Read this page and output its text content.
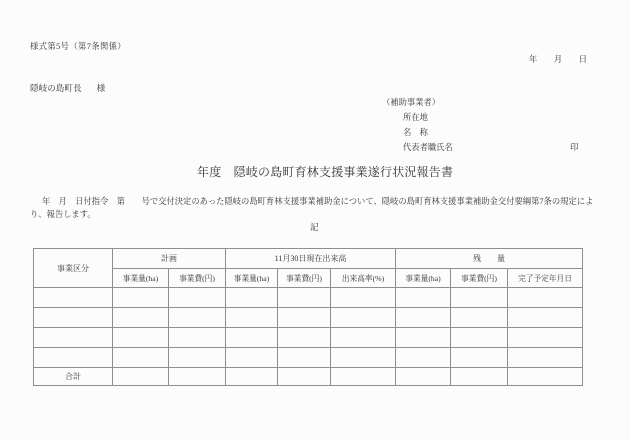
様式第5号（第7条関係）
年　　月　　日
隠岐の島町長 様
（補助事業者）
所在地
名　称
代表者職氏名	印
年度　隠岐の島町育林支援事業遂行状況報告書
年　月　日付指令　第　　号で交付決定のあった隠岐の島町育林支援事業補助金について、隠岐の島町育林支援事業補助金交付要綱第7条の規定によ
り、報告します。
記
事業区分	計画		11月30日現在出来高			残　　量		
	事業量(ha)	事業費(円)	事業量(ha)	事業費(円)	出来高率(%)	事業量(ha)	事業費(円)	完了予定年月日

合計								
